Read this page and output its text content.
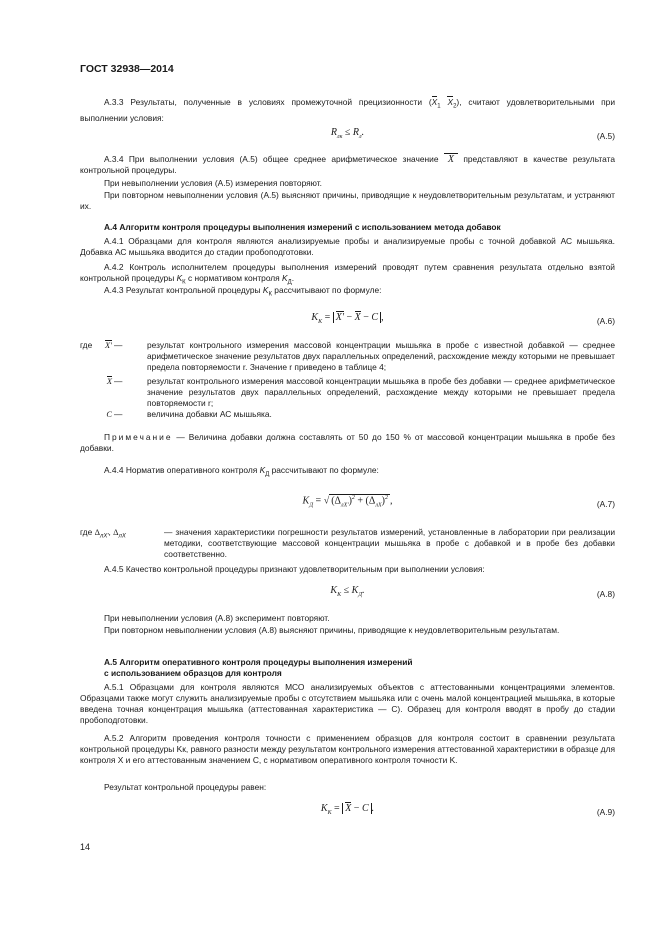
ГОСТ 32938—2014
А.3.3 Результаты, полученные в условиях промежуточной прецизионности ($X_1$ $X_2$), считают удовлетворительными при выполнении условия:
$R_{лк} \le R_л$.	(А.5)
А.3.4 При выполнении условия (А.5) общее среднее арифметическое значение X представляют в качестве результата контрольной процедуры.
При невыполнении условия (А.5) измерения повторяют.
При повторном невыполнении условия (А.5) выясняют причины, приводящие к неудовлетворительным результатам, и устраняют их.
А.4 Алгоритм контроля процедуры выполнения измерений с использованием метода добавок
А.4.1 Образцами для контроля являются анализируемые пробы и анализируемые пробы с точной добавкой АС мышьяка. Добавка АС мышьяка вводится до стадии пробоподготовки.
А.4.2 Контроль исполнителем процедуры выполнения измерений проводят путем сравнения результата отдельно взятой контрольной процедуры $K_К$ с нормативом контроля $K_Д$.
А.4.3 Результат контрольной процедуры $K_К$ рассчитывают по формуле:
$K_К = X' - X - C$ ,	(А.6)
где	X′ —	результат контрольного измерения массовой концентрации мышьяка в пробе с известной добавкой — среднее арифметическое значение результатов двух параллельных определений, расхождение между которыми не превышает предела повторяемости r. Значение r приведено в таблице 4;
X —	результат контрольного измерения массовой концентрации мышьяка в пробе без добавки — среднее арифметическое значение результатов двух параллельных определений, расхождение между которыми не превышает предела повторяемости r;
C —	величина добавки АС мышьяка.
Примечание — Величина добавки должна составлять от 50 до 150 % от массовой концентрации мышьяка в пробе без добавки.
А.4.4 Норматив оперативного контроля $K_Д$ рассчитывают по формуле:
$K_Д$ = √ $(\Delta_{лX'})^2 + (\Delta_{лX})^2$ ,	(А.7)
где $\Delta_{лX'}$, $\Delta_{лX}$	— значения характеристики погрешности результатов измерений, установленные в лаборатории при реализации методики, соответствующие массовой концентрации мышьяка в пробе с добавкой и в пробе без добавки соответственно.
А.4.5 Качество контрольной процедуры признают удовлетворительным при выполнении условия:
$K_К \le K_Д$.	(А.8)
При невыполнении условия (А.8) эксперимент повторяют.
При повторном невыполнении условия (А.8) выясняют причины, приводящие к неудовлетворительным результатам.
А.5 Алгоритм оперативного контроля процедуры выполнения измерений
с использованием образцов для контроля
А.5.1 Образцами для контроля являются МСО анализируемых объектов с аттестованными концентрациями элементов. Образцами также могут служить анализируемые пробы с отсутствием мышьяка или с очень малой концентрацией мышьяка, в которые введена точная концентрация мышьяка (аттестованная характеристика — C). Образец для контроля вводят в пробу до стадии пробоподготовки.
А.5.2 Алгоритм проведения контроля точности с применением образцов для контроля состоит в сравнении результата контрольной процедуры Kк, равного разности между результатом контрольного измерения аттестованной характеристики в образце для контроля X и его аттестованным значением C, с нормативом оперативного контроля точности K.
Результат контрольной процедуры равен:
$K_К = X - C$ .	(А.9)
14
